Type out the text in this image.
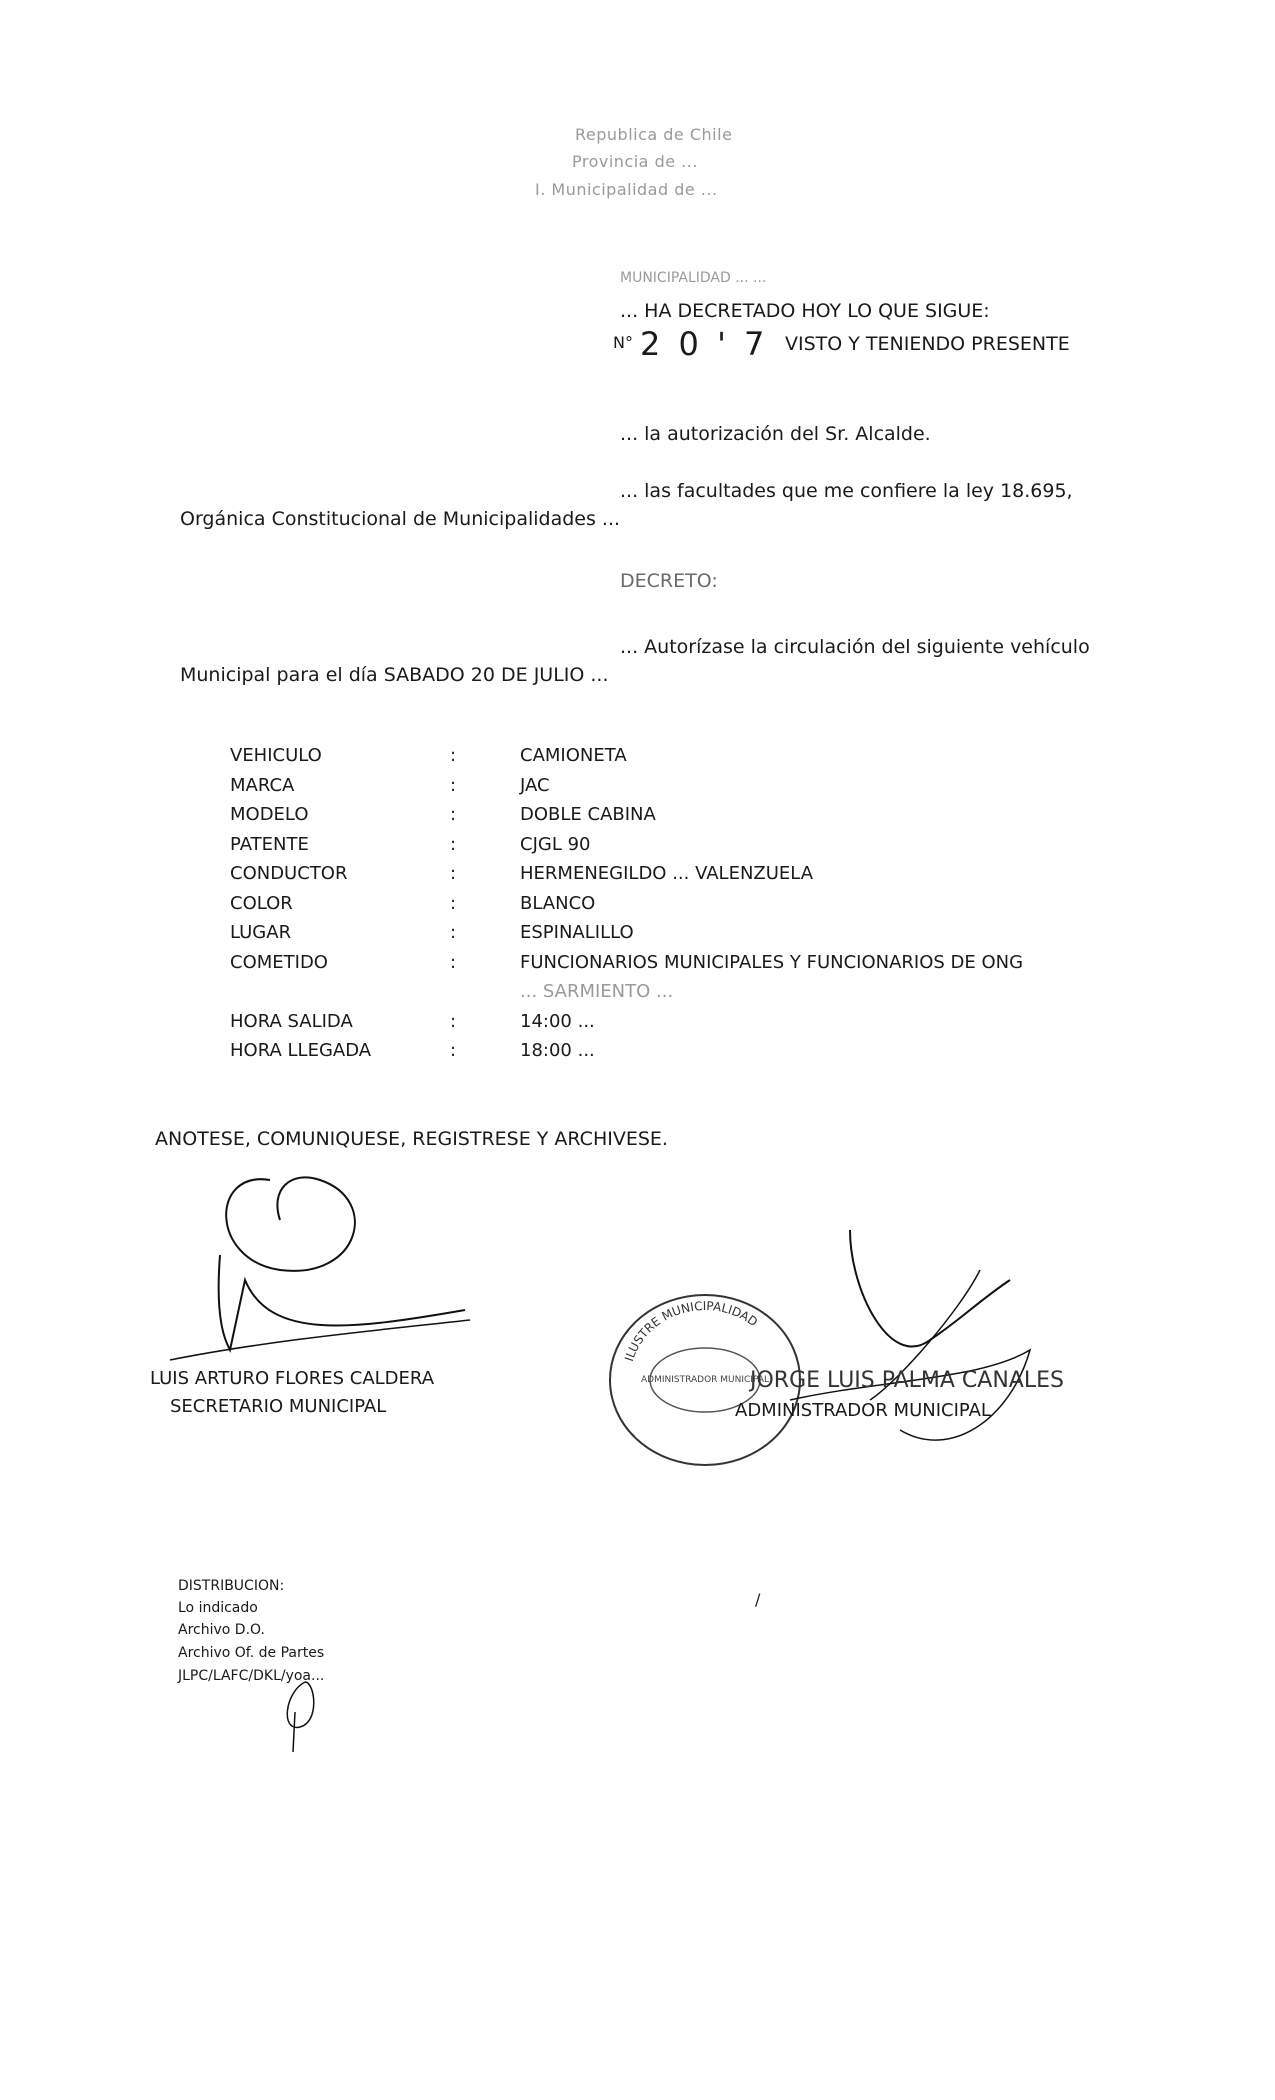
Republica de Chile
Provincia de ...
I. Municipalidad de ...
MUNICIPALIDAD ... ...
... HA DECRETADO HOY LO QUE SIGUE:
N° 2 0 ' 7 VISTO Y TENIENDO PRESENTE
... la autorización del Sr. Alcalde.
... las facultades que me confiere la ley 18.695,
Orgánica Constitucional de Municipalidades ...
DECRETO:
... Autorízase la circulación del siguiente vehículo
Municipal para el día SABADO 20 DE JULIO ...
VEHICULO	:	CAMIONETA
MARCA	:	JAC
MODELO	:	DOBLE CABINA
PATENTE	:	CJGL 90
CONDUCTOR	:	HERMENEGILDO ... VALENZUELA
COLOR	:	BLANCO
LUGAR	:	ESPINALILLO
COMETIDO	:	FUNCIONARIOS MUNICIPALES Y FUNCIONARIOS DE ONG
... SARMIENTO ...
HORA SALIDA	:	14:00 ...
HORA LLEGADA	:	18:00 ...
ANOTESE, COMUNIQUESE, REGISTRESE Y ARCHIVESE.
LUIS ARTURO FLORES CALDERA
SECRETARIO MUNICIPAL
ILUSTRE MUNICIPALIDAD
ADMINISTRADOR MUNICIPAL
JORGE LUIS PALMA CANALES
ADMINISTRADOR MUNICIPAL
DISTRIBUCION:
Lo indicado
Archivo D.O.
Archivo Of. de Partes
JLPC/LAFC/DKL/yoa...
/
